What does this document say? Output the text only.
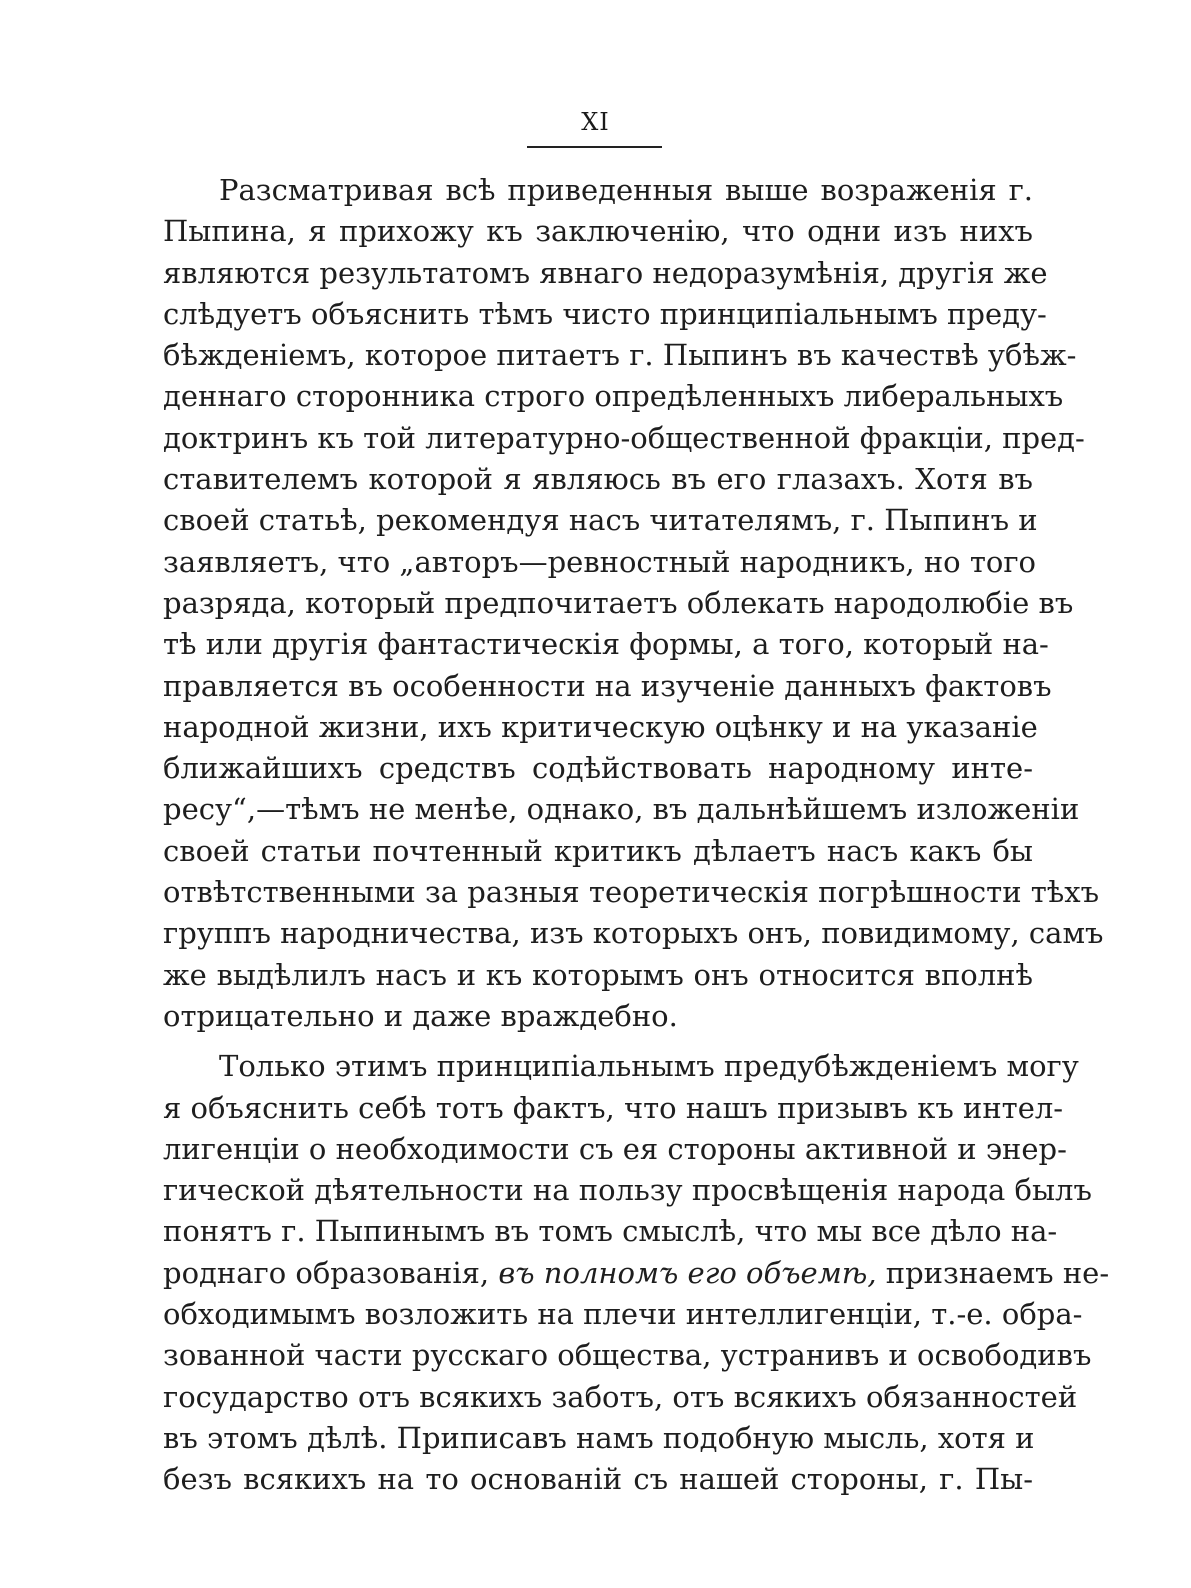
XI
Разсматривая всѣ приведенныя выше возраженія г.
Пыпина, я прихожу къ заключенію, что одни изъ нихъ
являются результатомъ явнаго недоразумѣнія, другія же
слѣдуетъ объяснить тѣмъ чисто принципіальнымъ преду-
бѣжденіемъ, которое питаетъ г. Пыпинъ въ качествѣ убѣж-
деннаго сторонника строго опредѣленныхъ либеральныхъ
доктринъ къ той литературно-общественной фракціи, пред-
ставителемъ которой я являюсь въ его глазахъ. Хотя въ
своей статьѣ, рекомендуя насъ читателямъ, г. Пыпинъ и
заявляетъ, что „авторъ—ревностный народникъ, но того
разряда, который предпочитаетъ облекать народолюбіе въ
тѣ или другія фантастическія формы, а того, который на-
правляется въ особенности на изученіе данныхъ фактовъ
народной жизни, ихъ критическую оцѣнку и на указаніе
ближайшихъ средствъ содѣйствовать народному инте-
ресу“,—тѣмъ не менѣе, однако, въ дальнѣйшемъ изложеніи
своей статьи почтенный критикъ дѣлаетъ насъ какъ бы
отвѣтственными за разныя теоретическія погрѣшности тѣхъ
группъ народничества, изъ которыхъ онъ, повидимому, самъ
же выдѣлилъ насъ и къ которымъ онъ относится вполнѣ
отрицательно и даже враждебно.
Только этимъ принципіальнымъ предубѣжденіемъ могу
я объяснить себѣ тотъ фактъ, что нашъ призывъ къ интел-
лигенціи о необходимости съ ея стороны активной и энер-
гической дѣятельности на пользу просвѣщенія народа былъ
понятъ г. Пыпинымъ въ томъ смыслѣ, что мы все дѣло на-
роднаго образованія, въ полномъ его объемѣ, признаемъ не-
обходимымъ возложить на плечи интеллигенціи, т.-е. обра-
зованной части русскаго общества, устранивъ и освободивъ
государство отъ всякихъ заботъ, отъ всякихъ обязанностей
въ этомъ дѣлѣ. Приписавъ намъ подобную мысль, хотя и
безъ всякихъ на то основаній съ нашей стороны, г. Пы-
